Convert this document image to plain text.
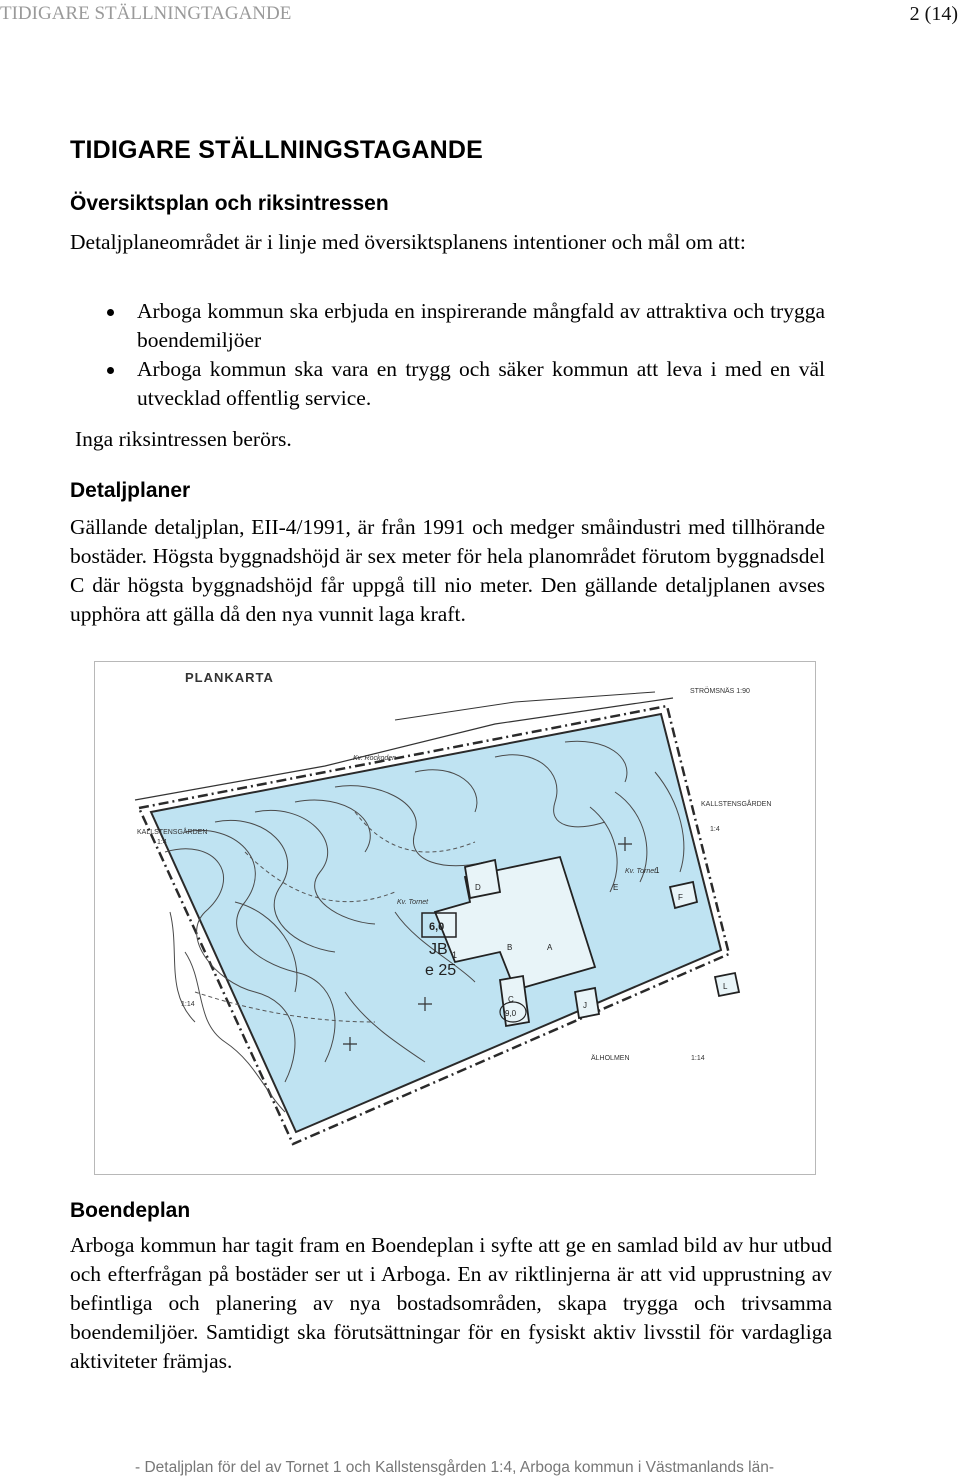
TIDIGARE STÄLLNINGTAGANDE	2 (14)
TIDIGARE STÄLLNINGSTAGANDE
Översiktsplan och riksintressen

Detaljplaneområdet är i linje med översiktsplanens intentioner och mål om att:

Arboga kommun ska erbjuda en inspirerande mångfald av attraktiva och trygga boendemiljöer
Arboga kommun ska vara en trygg och säker kommun att leva i med en väl utvecklad offentlig service.

Inga riksintressen berörs.

Detaljplaner

Gällande detaljplan, EII-4/1991, är från 1991 och medger småindustri med tillhörande bostäder. Högsta byggnadshöjd är sex meter för hela planområdet förutom byggnadsdel C där högsta byggnadshöjd får uppgå till nio meter. Den gällande detaljplanen avses upphöra att gälla då den nya vunnit laga kraft.

PLANKARTA
STRÖMSNÄS 1:90
Kv. Rockoden
KALLSTENSGÅRDEN
1:4
KALLSTENSGÅRDEN
1:4
Kv. Tornet
Kv. Tornet
6,0
JB 1
e 25
9,0
ÄLHOLMEN
1:14
1:14
A
B
C
D	E
F
J
L
1
Boendeplan

Arboga kommun har tagit fram en Boendeplan i syfte att ge en samlad bild av hur utbud och efterfrågan på bostäder ser ut i Arboga. En av riktlinjerna är att vid upprustning av befintliga och planering av nya bostadsområden, skapa trygga och trivsamma boendemiljöer. Samtidigt ska förutsättningar för en fysiskt aktiv livsstil för vardagliga aktiviteter främjas.

- Detaljplan för del av Tornet 1 och Kallstensgården 1:4, Arboga kommun i Västmanlands län-
